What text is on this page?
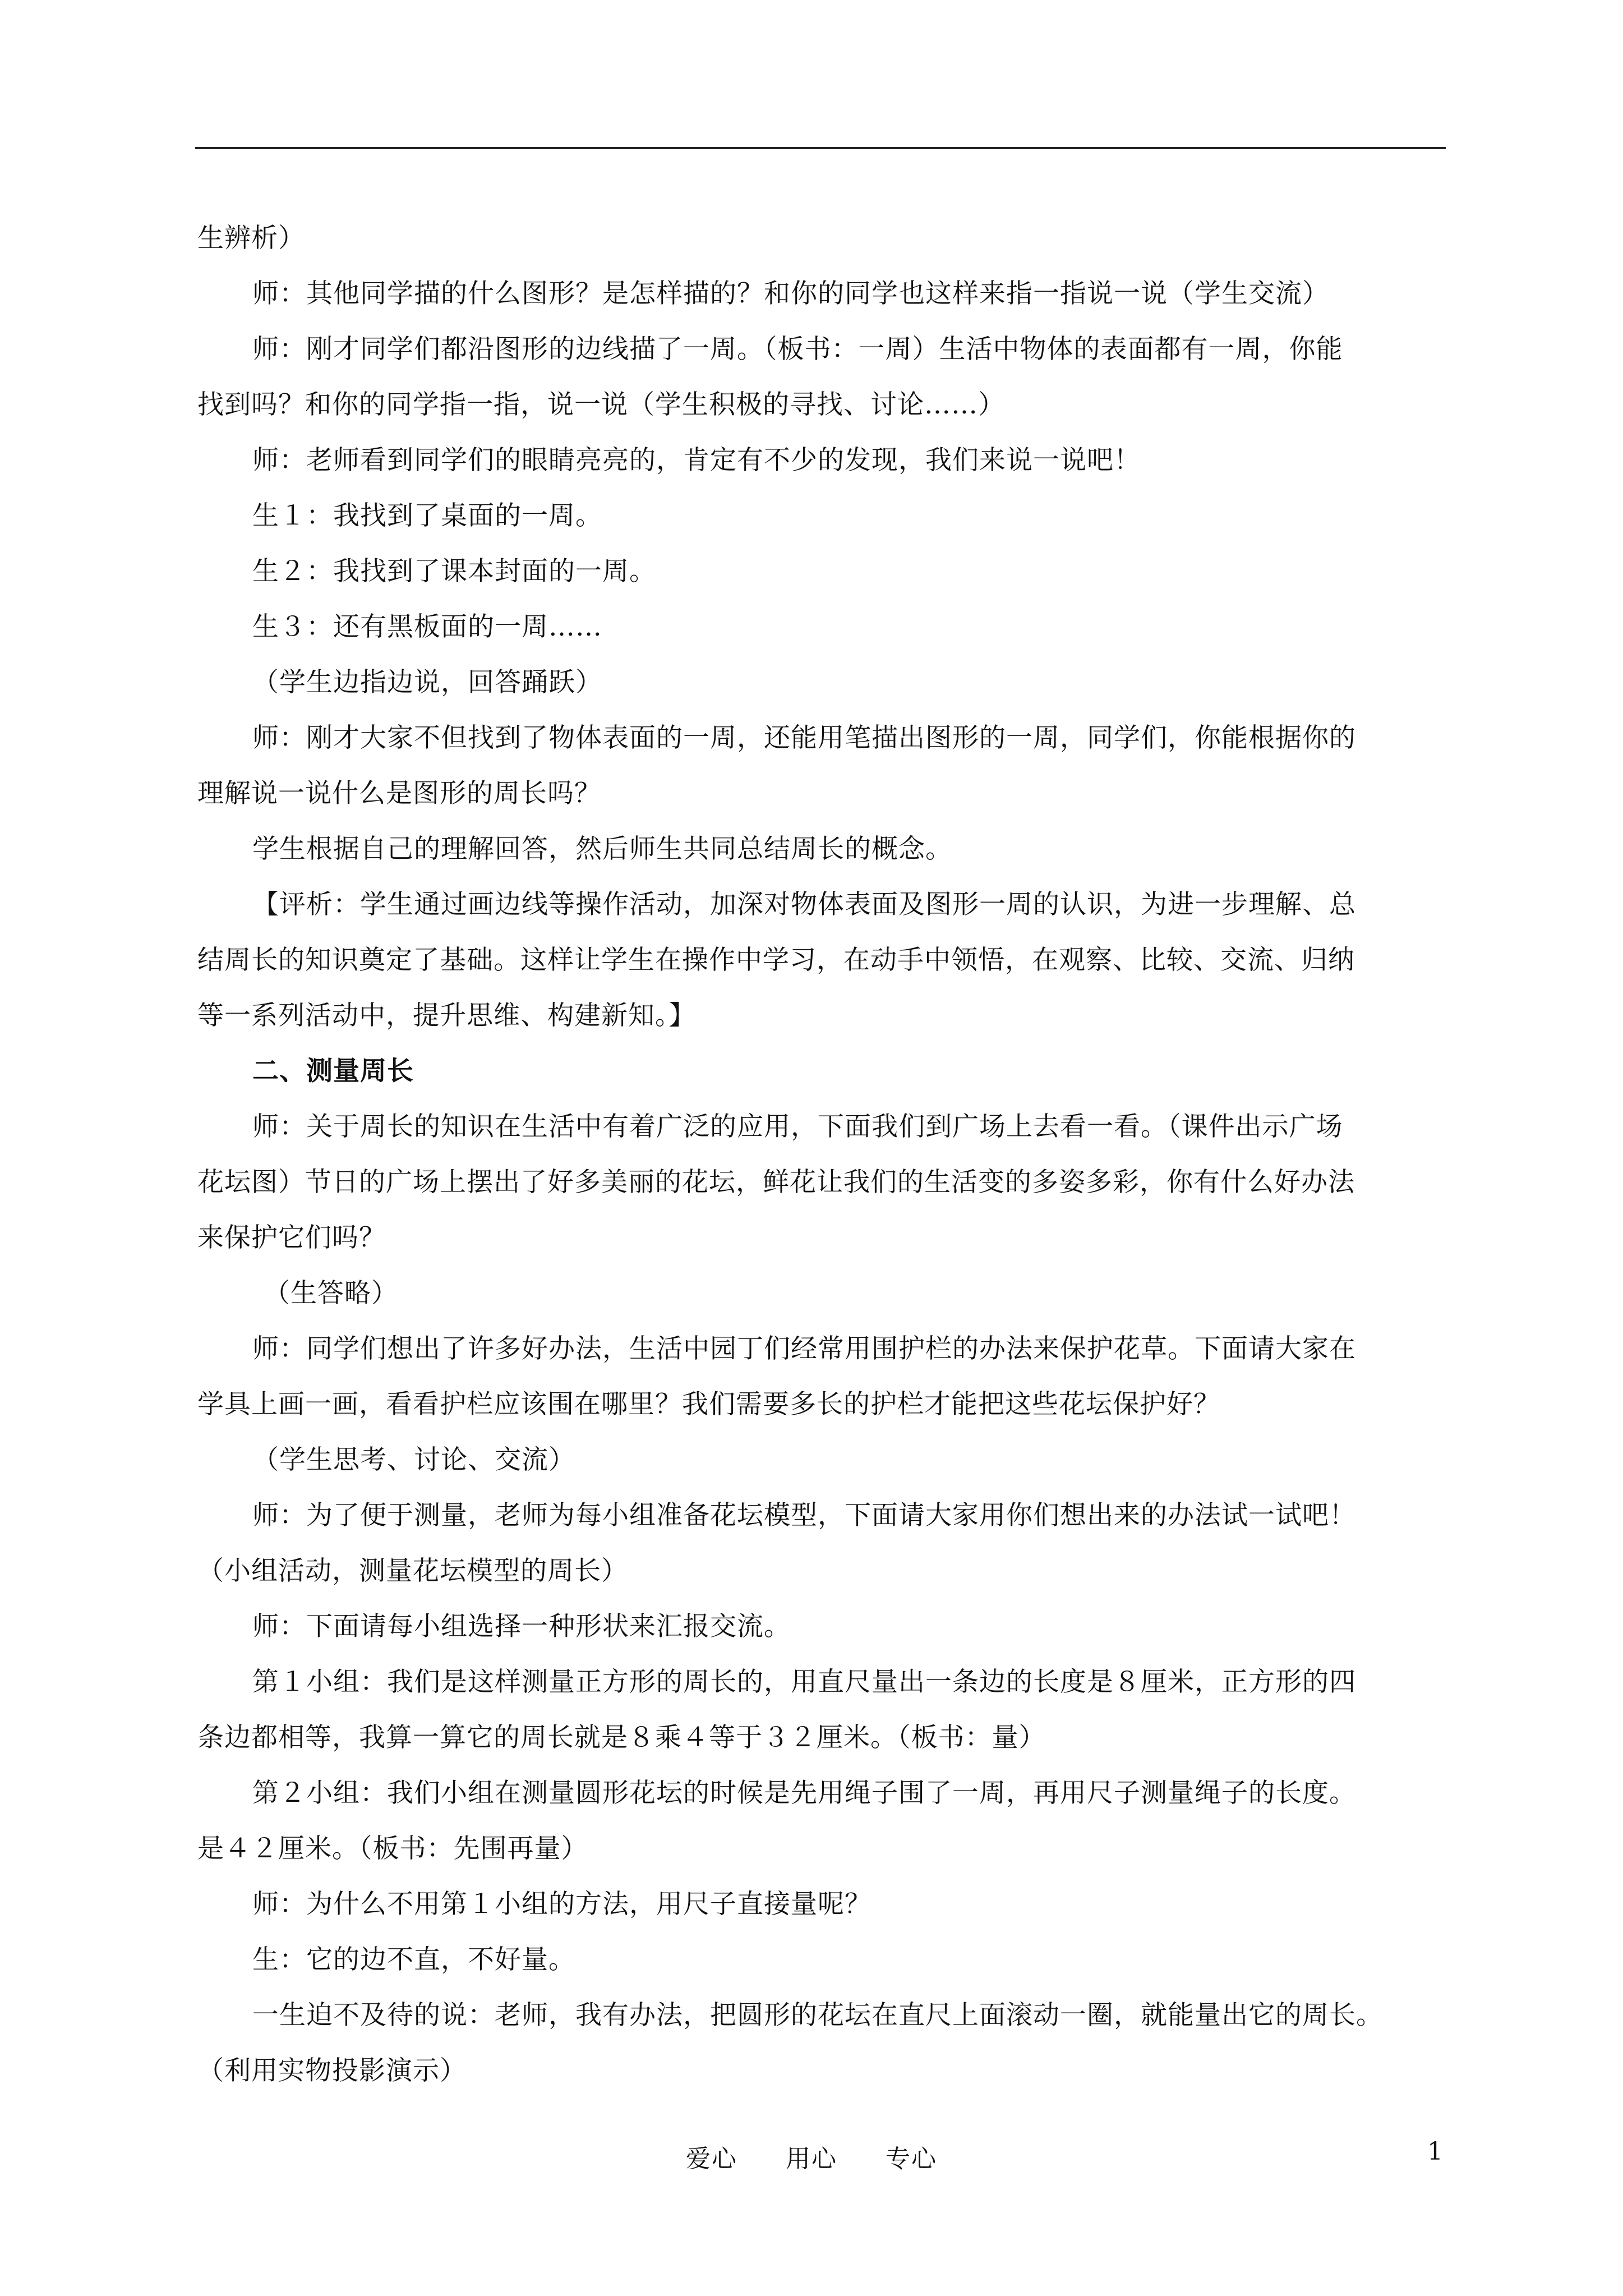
生辨析）

师：其他同学描的什么图形？是怎样描的？和你的同学也这样来指一指说一说（学生交流）

师：刚才同学们都沿图形的边线描了一周。（板书：一周）生活中物体的表面都有一周，你能

找到吗？和你的同学指一指，说一说（学生积极的寻找、讨论……）

师：老师看到同学们的眼睛亮亮的，肯定有不少的发现，我们来说一说吧！

生１：我找到了桌面的一周。

生２：我找到了课本封面的一周。

生３：还有黑板面的一周……

（学生边指边说，回答踊跃）

师：刚才大家不但找到了物体表面的一周，还能用笔描出图形的一周，同学们，你能根据你的

理解说一说什么是图形的周长吗？

学生根据自己的理解回答，然后师生共同总结周长的概念。

【评析：学生通过画边线等操作活动，加深对物体表面及图形一周的认识，为进一步理解、总

结周长的知识奠定了基础。这样让学生在操作中学习，在动手中领悟，在观察、比较、交流、归纳

等一系列活动中，提升思维、构建新知。】

二、测量周长

师：关于周长的知识在生活中有着广泛的应用，下面我们到广场上去看一看。（课件出示广场

花坛图）节日的广场上摆出了好多美丽的花坛，鲜花让我们的生活变的多姿多彩，你有什么好办法

来保护它们吗？

（生答略）

师：同学们想出了许多好办法，生活中园丁们经常用围护栏的办法来保护花草。下面请大家在

学具上画一画，看看护栏应该围在哪里？我们需要多长的护栏才能把这些花坛保护好？

（学生思考、讨论、交流）

师：为了便于测量，老师为每小组准备花坛模型，下面请大家用你们想出来的办法试一试吧！

（小组活动，测量花坛模型的周长）

师：下面请每小组选择一种形状来汇报交流。

第１小组：我们是这样测量正方形的周长的，用直尺量出一条边的长度是８厘米，正方形的四

条边都相等，我算一算它的周长就是８乘４等于３２厘米。（板书：量）

第２小组：我们小组在测量圆形花坛的时候是先用绳子围了一周，再用尺子测量绳子的长度。

是４２厘米。（板书：先围再量）

师：为什么不用第１小组的方法，用尺子直接量呢？

生：它的边不直，不好量。

一生迫不及待的说：老师，我有办法，把圆形的花坛在直尺上面滚动一圈，就能量出它的周长。

（利用实物投影演示）

爱心 用心 专心	1
